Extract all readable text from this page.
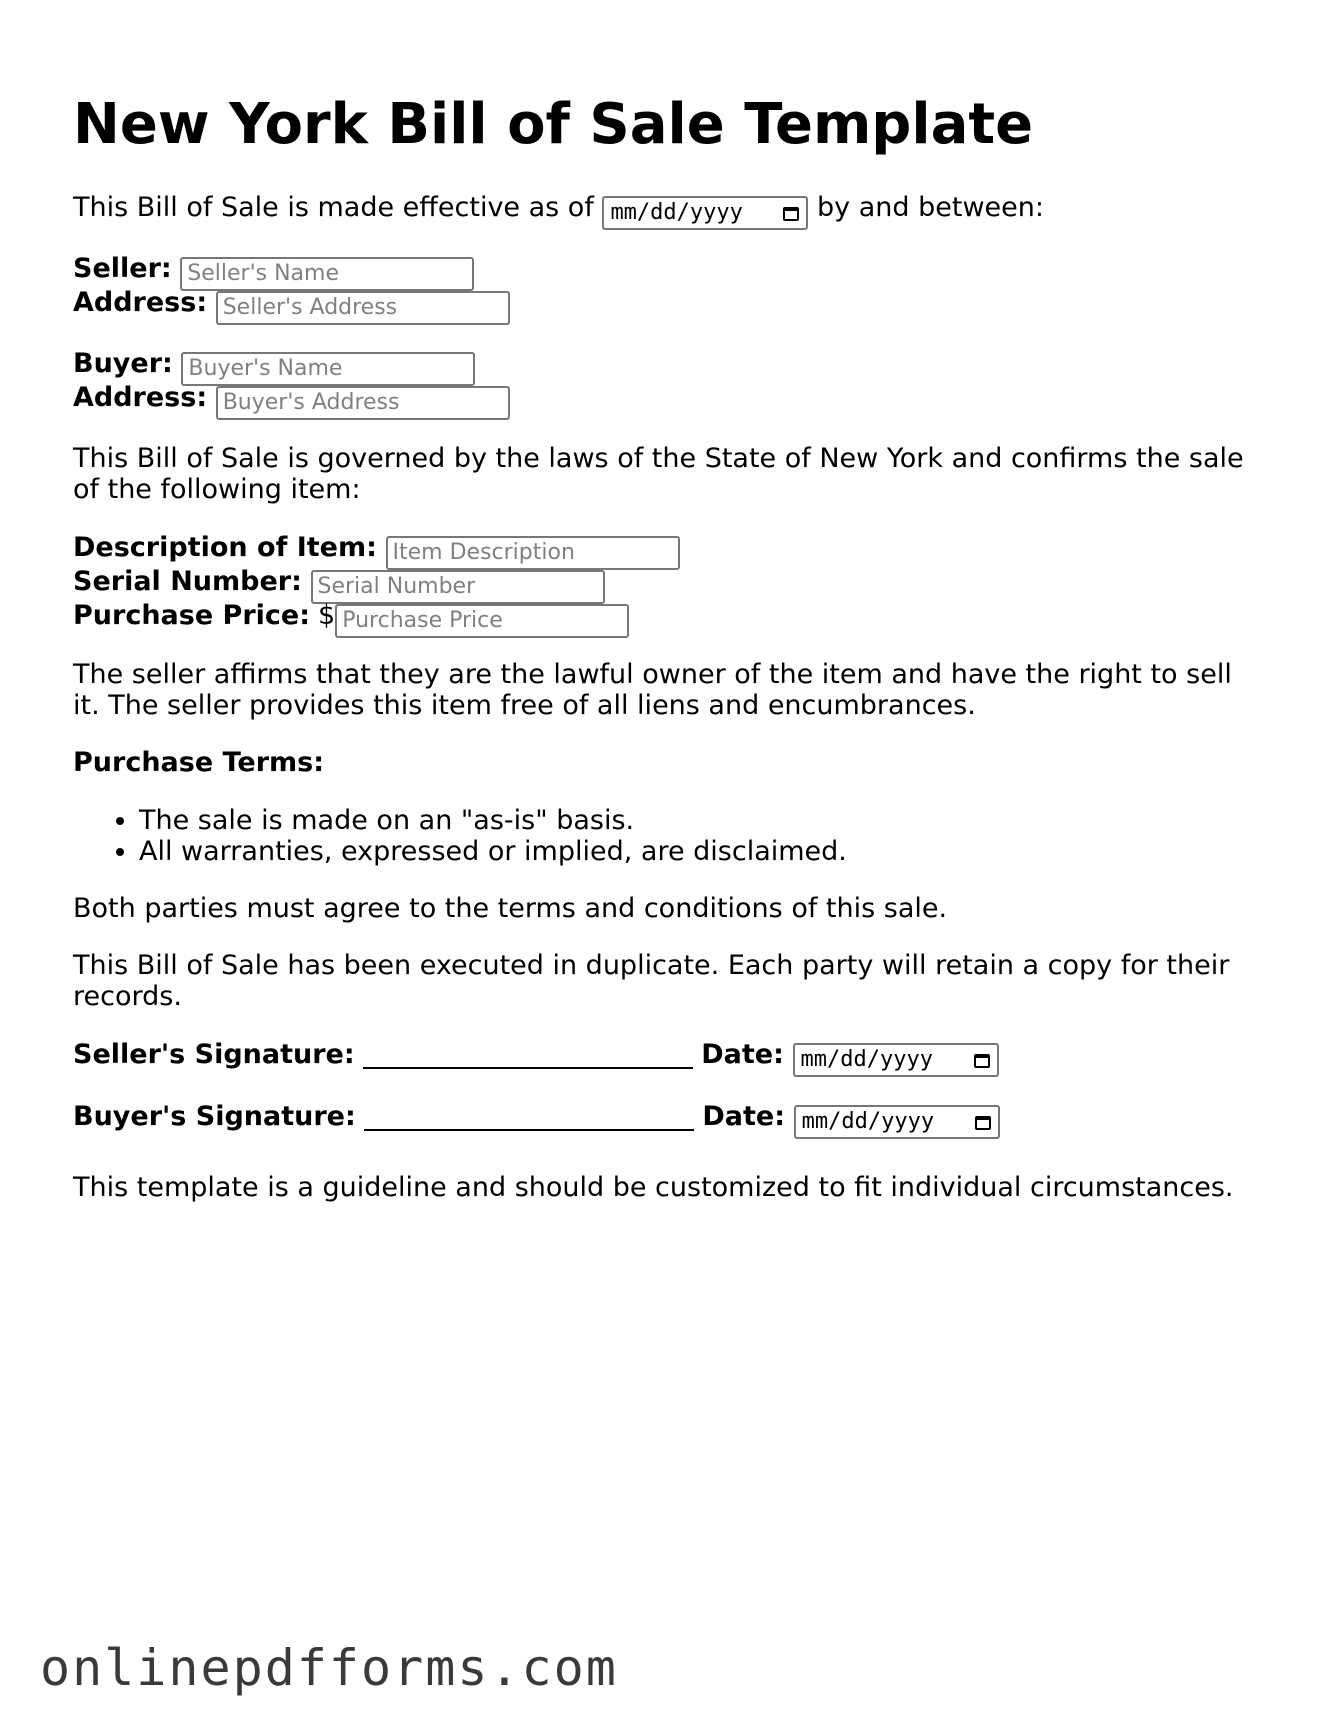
New York Bill of Sale Template
This Bill of Sale is made effective as of mm/dd/yyyy	by and between:
Seller: Seller's Name
Address: Seller's Address
Buyer: Buyer's Name
Address: Buyer's Address
This Bill of Sale is governed by the laws of the State of New York and confirms the sale of the following item:
Description of Item: Item Description
Serial Number: Serial Number
Purchase Price: $Purchase Price
The seller affirms that they are the lawful owner of the item and have the right to sell it. The seller provides this item free of all liens and encumbrances.
Purchase Terms:
• The sale is made on an "as-is" basis.
• All warranties, expressed or implied, are disclaimed.
Both parties must agree to the terms and conditions of this sale.
This Bill of Sale has been executed in duplicate. Each party will retain a copy for their records.
Seller's Signature:	Date: mm/dd/yyyy
Buyer's Signature:	Date: mm/dd/yyyy
This template is a guideline and should be customized to fit individual circumstances.
onlinepdfforms.com
